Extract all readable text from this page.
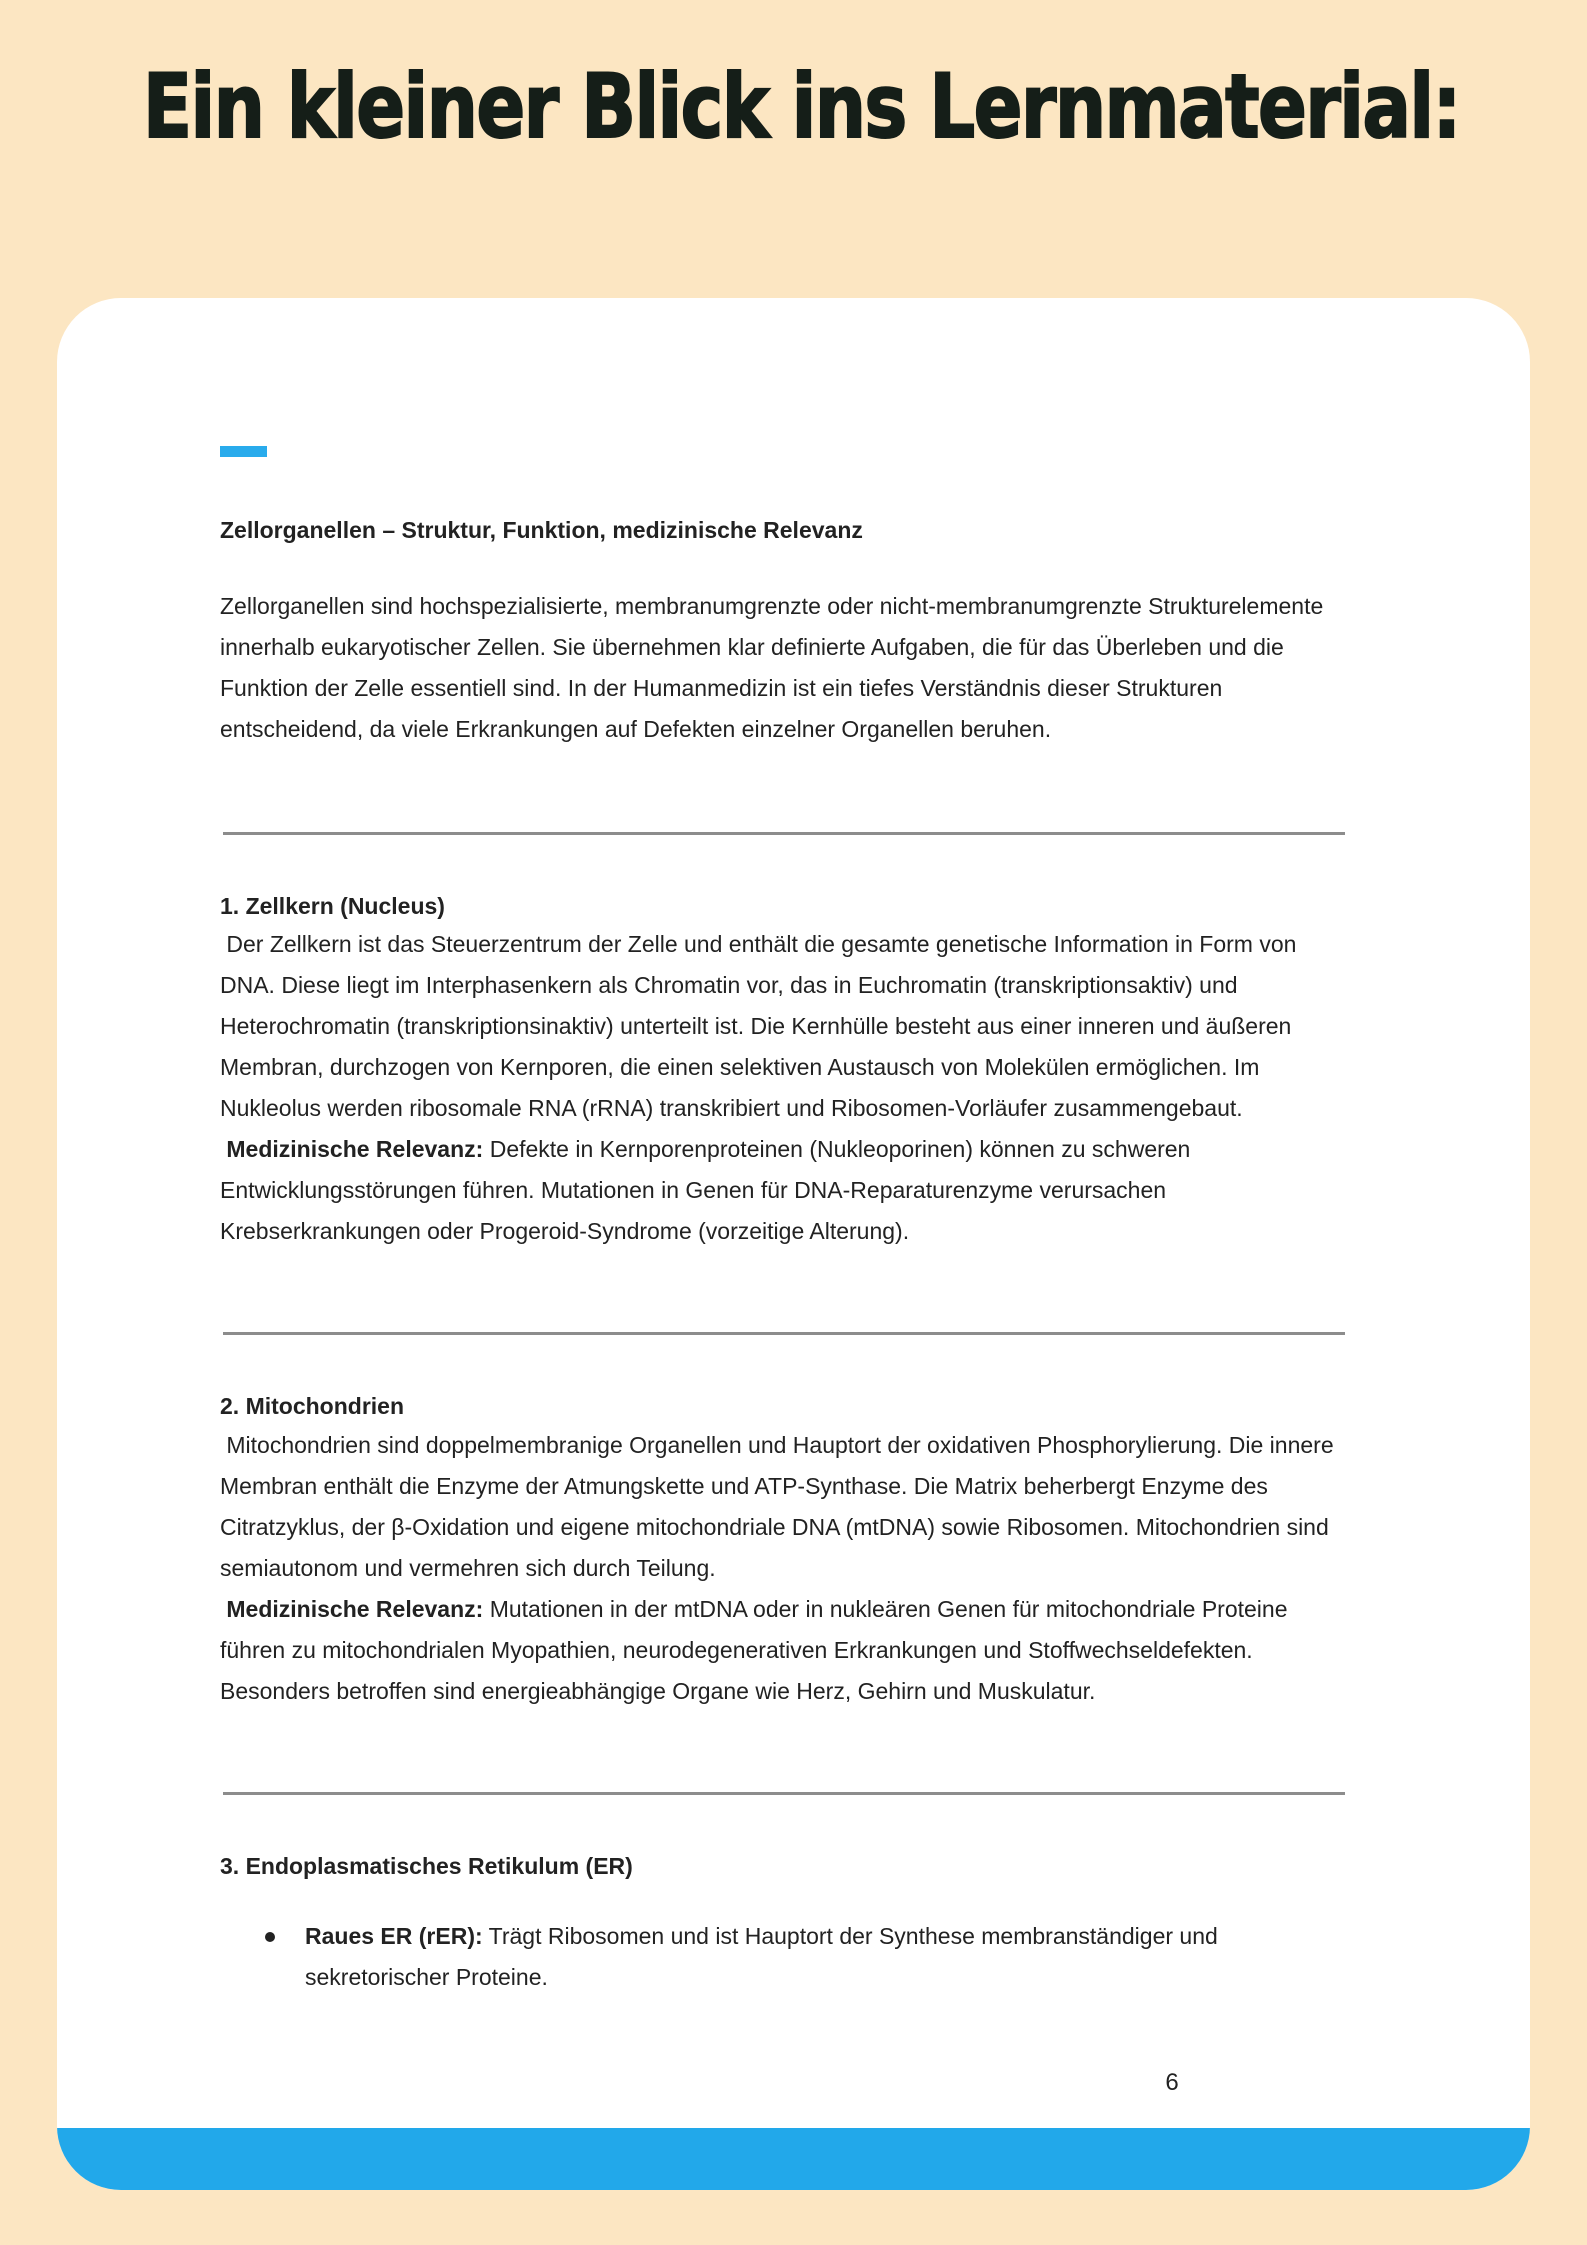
Ein kleiner Blick ins Lernmaterial:
Zellorganellen – Struktur, Funktion, medizinische Relevanz
Zellorganellen sind hochspezialisierte, membranumgrenzte oder nicht-membranumgrenzte Strukturelemente innerhalb eukaryotischer Zellen. Sie übernehmen klar definierte Aufgaben, die für das Überleben und die Funktion der Zelle essentiell sind. In der Humanmedizin ist ein tiefes Verständnis dieser Strukturen entscheidend, da viele Erkrankungen auf Defekten einzelner Organellen beruhen.
1. Zellkern (Nucleus)
Der Zellkern ist das Steuerzentrum der Zelle und enthält die gesamte genetische Information in Form von DNA. Diese liegt im Interphasenkern als Chromatin vor, das in Euchromatin (transkriptionsaktiv) und Heterochromatin (transkriptionsinaktiv) unterteilt ist. Die Kernhülle besteht aus einer inneren und äußeren Membran, durchzogen von Kernporen, die einen selektiven Austausch von Molekülen ermöglichen. Im Nukleolus werden ribosomale RNA (rRNA) transkribiert und Ribosomen-Vorläufer zusammengebaut.
Medizinische Relevanz: Defekte in Kernporenproteinen (Nukleoporinen) können zu schweren Entwicklungsstörungen führen. Mutationen in Genen für DNA-Reparaturenzyme verursachen Krebserkrankungen oder Progeroid-Syndrome (vorzeitige Alterung).
2. Mitochondrien
Mitochondrien sind doppelmembranige Organellen und Hauptort der oxidativen Phosphorylierung. Die innere Membran enthält die Enzyme der Atmungskette und ATP-Synthase. Die Matrix beherbergt Enzyme des Citratzyklus, der β-Oxidation und eigene mitochondriale DNA (mtDNA) sowie Ribosomen. Mitochondrien sind semiautonom und vermehren sich durch Teilung.
Medizinische Relevanz: Mutationen in der mtDNA oder in nukleären Genen für mitochondriale Proteine führen zu mitochondrialen Myopathien, neurodegenerativen Erkrankungen und Stoffwechseldefekten. Besonders betroffen sind energieabhängige Organe wie Herz, Gehirn und Muskulatur.
3. Endoplasmatisches Retikulum (ER)
Raues ER (rER): Trägt Ribosomen und ist Hauptort der Synthese membranständiger und sekretorischer Proteine.
6
